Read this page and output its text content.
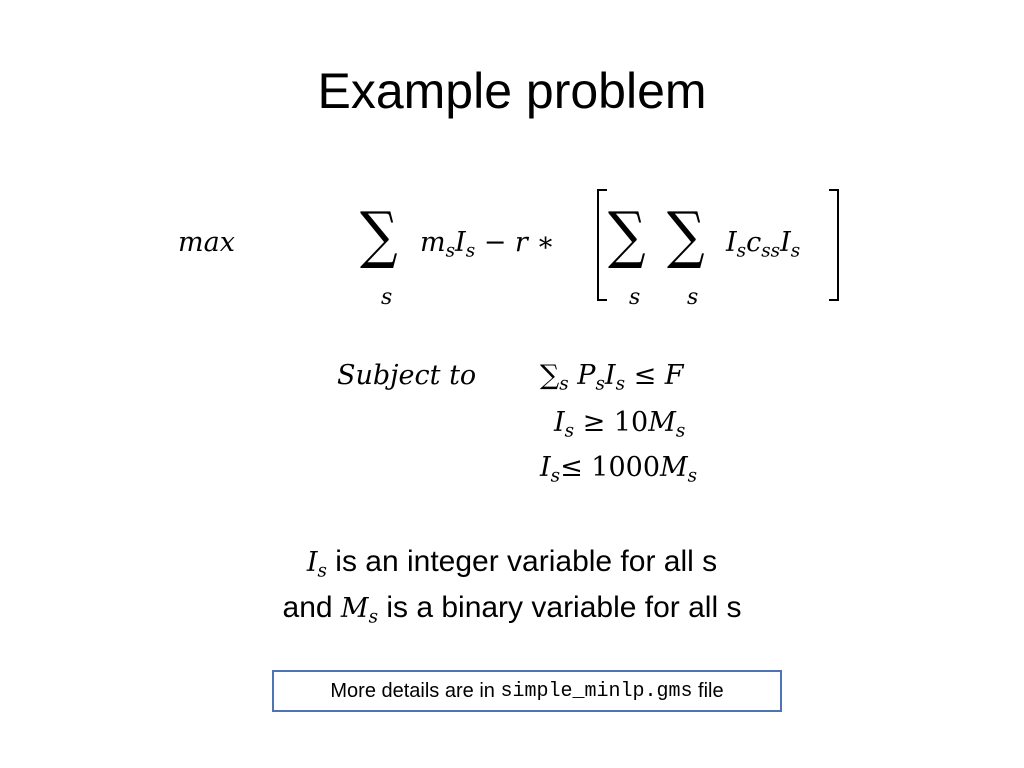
Example problem
max ∑
s
$m_sI_s - r$ ∗ ∑
s
∑
s
$I_sc_{ss}I_s$
Subject to $\sum_s$ $P_sI_s \le F$
$I_s \ge 10M_s$
$I_s\le 1000M_s$
$I_s$ is an integer variable for all s
and $M_s$ is a binary variable for all s
More details are in simple_minlp.gms file
